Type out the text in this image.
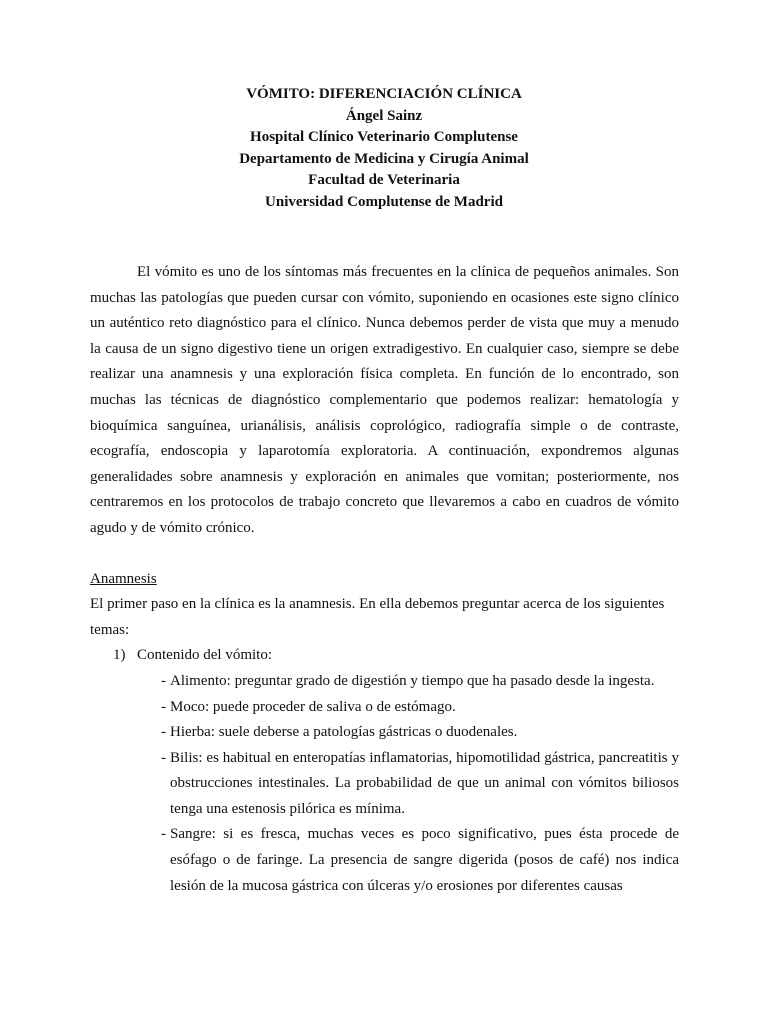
VÓMITO: DIFERENCIACIÓN CLÍNICA
Ángel Sainz
Hospital Clínico Veterinario Complutense
Departamento de Medicina y Cirugía Animal
Facultad de Veterinaria
Universidad Complutense de Madrid

El vómito es uno de los síntomas más frecuentes en la clínica de pequeños animales. Son muchas las patologías que pueden cursar con vómito, suponiendo en ocasiones este signo clínico un auténtico reto diagnóstico para el clínico. Nunca debemos perder de vista que muy a menudo la causa de un signo digestivo tiene un origen extradigestivo. En cualquier caso, siempre se debe realizar una anamnesis y una exploración física completa. En función de lo encontrado, son muchas las técnicas de diagnóstico complementario que podemos realizar: hematología y bioquímica sanguínea, urianálisis, análisis coprológico, radiografía simple o de contraste, ecografía, endoscopia y laparotomía exploratoria. A continuación, expondremos algunas generalidades sobre anamnesis y exploración en animales que vomitan; posteriormente, nos centraremos en los protocolos de trabajo concreto que llevaremos a cabo en cuadros de vómito agudo y de vómito crónico.

Anamnesis

El primer paso en la clínica es la anamnesis. En ella debemos preguntar acerca de los siguientes temas:

1) Contenido del vómito:
- Alimento: preguntar grado de digestión y tiempo que ha pasado desde la ingesta.
- Moco: puede proceder de saliva o de estómago.
- Hierba: suele deberse a patologías gástricas o duodenales.
- Bilis: es habitual en enteropatías inflamatorias, hipomotilidad gástrica, pancreatitis y obstrucciones intestinales. La probabilidad de que un animal con vómitos biliosos tenga una estenosis pilórica es mínima.
- Sangre: si es fresca, muchas veces es poco significativo, pues ésta procede de esófago o de faringe. La presencia de sangre digerida (posos de café) nos indica lesión de la mucosa gástrica con úlceras y/o erosiones por diferentes causas
